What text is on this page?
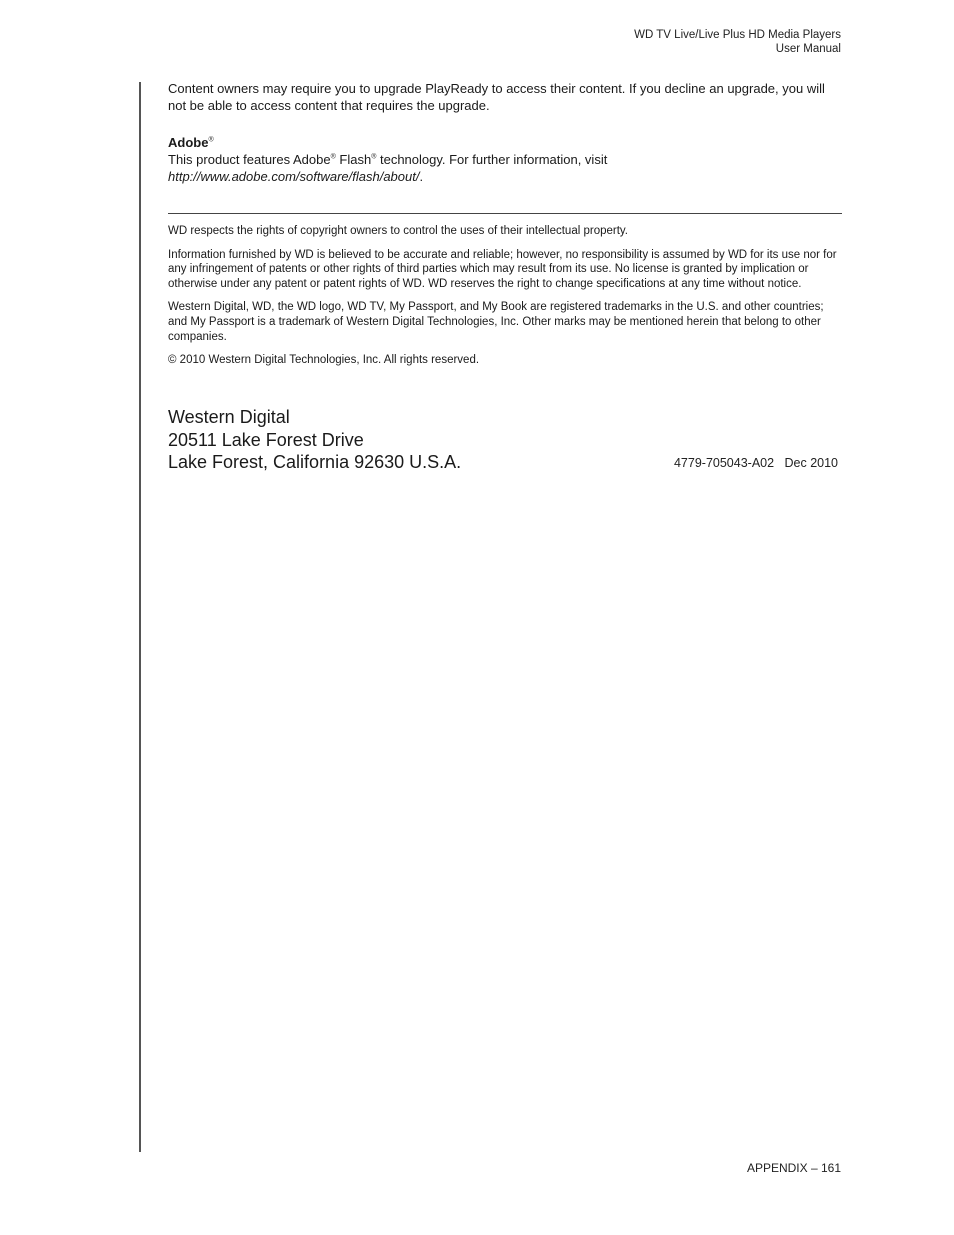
WD TV Live/Live Plus HD Media Players
User Manual

Content owners may require you to upgrade PlayReady to access their content. If you decline an upgrade, you will not be able to access content that requires the upgrade.

Adobe®

This product features Adobe® Flash® technology. For further information, visit
http://www.adobe.com/software/flash/about/.

WD respects the rights of copyright owners to control the uses of their intellectual property.

Information furnished by WD is believed to be accurate and reliable; however, no responsibility is assumed by WD for its use nor for any infringement of patents or other rights of third parties which may result from its use. No license is granted by implication or otherwise under any patent or patent rights of WD. WD reserves the right to change specifications at any time without notice.

Western Digital, WD, the WD logo, WD TV, My Passport, and My Book are registered trademarks in the U.S. and other countries; and My Passport is a trademark of Western Digital Technologies, Inc. Other marks may be mentioned herein that belong to other companies.

© 2010 Western Digital Technologies, Inc. All rights reserved.

Western Digital
20511 Lake Forest Drive
Lake Forest, California 92630 U.S.A.	4779-705043-A02   Dec 2010
APPENDIX – 161
